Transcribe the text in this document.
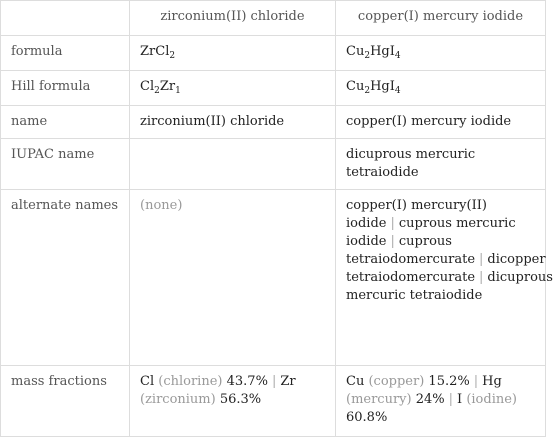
	zirconium(II) chloride	copper(I) mercury iodide
formula	ZrCl$_2$	$Cu_2HgI_4$
Hill formula	$Cl_2Zr_1$	$Cu_2HgI_4$
name	zirconium(II) chloride	copper(I) mercury iodide
IUPAC name		dicuprous mercuric tetraiodide
alternate names	(none)	copper(I) mercury(II) iodide | cuprous mercuric iodide | cuprous tetraiodomercurate | dicopper tetraiodomercurate | dicuprous mercuric tetraiodide
mass fractions	Cl (chlorine) 43.7% | Zr (zirconium) 56.3%	Cu (copper) 15.2% | Hg (mercury) 24% | I (iodine) 60.8%
